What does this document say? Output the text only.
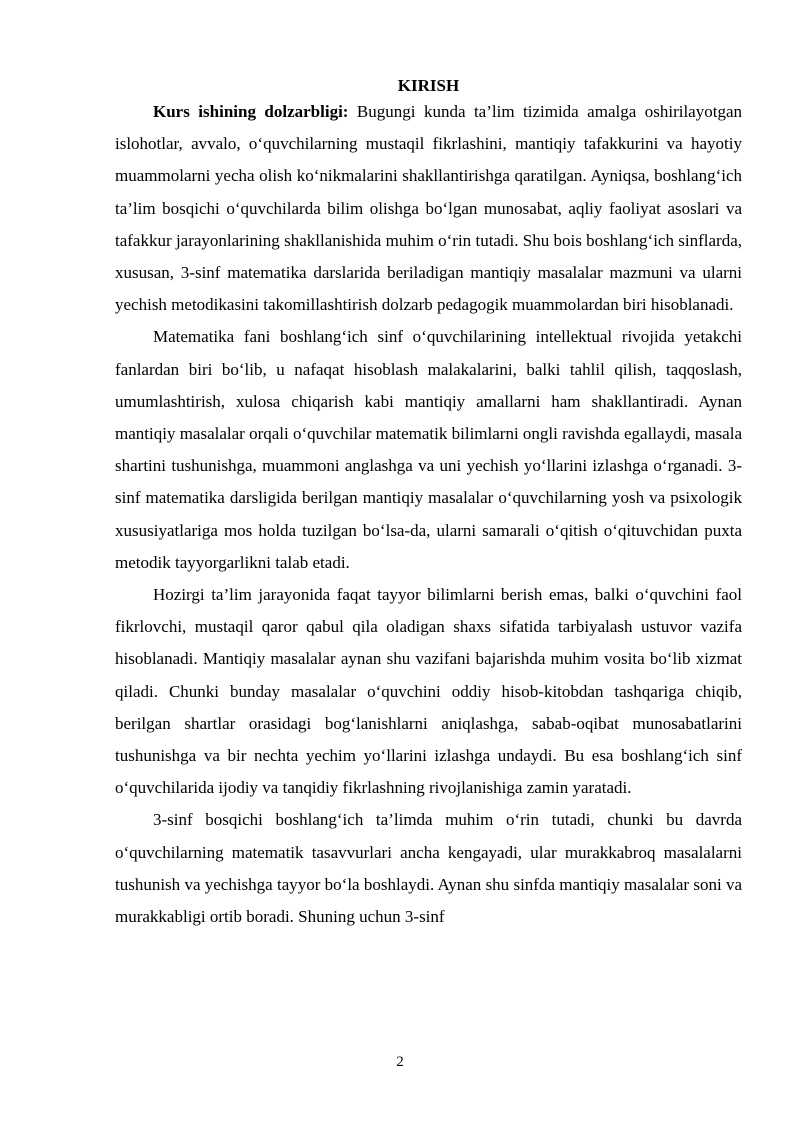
KIRISH

Kurs ishining dolzarbligi: Bugungi kunda ta’lim tizimida amalga oshirilayotgan islohotlar, avvalo, o‘quvchilarning mustaqil fikrlashini, mantiqiy tafakkurini va hayotiy muammolarni yecha olish ko‘nikmalarini shakllantirishga qaratilgan. Ayniqsa, boshlang‘ich ta’lim bosqichi o‘quvchilarda bilim olishga bo‘lgan munosabat, aqliy faoliyat asoslari va tafakkur jarayonlarining shakllanishida muhim o‘rin tutadi. Shu bois boshlang‘ich sinflarda, xususan, 3-sinf matematika darslarida beriladigan mantiqiy masalalar mazmuni va ularni yechish metodikasini takomillashtirish dolzarb pedagogik muammolardan biri hisoblanadi.

Matematika fani boshlang‘ich sinf o‘quvchilarining intellektual rivojida yetakchi fanlardan biri bo‘lib, u nafaqat hisoblash malakalarini, balki tahlil qilish, taqqoslash, umumlashtirish, xulosa chiqarish kabi mantiqiy amallarni ham shakllantiradi. Aynan mantiqiy masalalar orqali o‘quvchilar matematik bilimlarni ongli ravishda egallaydi, masala shartini tushunishga, muammoni anglashga va uni yechish yo‘llarini izlashga o‘rganadi. 3-sinf matematika darsligida berilgan mantiqiy masalalar o‘quvchilarning yosh va psixologik xususiyatlariga mos holda tuzilgan bo‘lsa-da, ularni samarali o‘qitish o‘qituvchidan puxta metodik tayyorgarlikni talab etadi.

Hozirgi ta’lim jarayonida faqat tayyor bilimlarni berish emas, balki o‘quvchini faol fikrlovchi, mustaqil qaror qabul qila oladigan shaxs sifatida tarbiyalash ustuvor vazifa hisoblanadi. Mantiqiy masalalar aynan shu vazifani bajarishda muhim vosita bo‘lib xizmat qiladi. Chunki bunday masalalar o‘quvchini oddiy hisob-kitobdan tashqariga chiqib, berilgan shartlar orasidagi bog‘lanishlarni aniqlashga, sabab-oqibat munosabatlarini tushunishga va bir nechta yechim yo‘llarini izlashga undaydi. Bu esa boshlang‘ich sinf o‘quvchilarida ijodiy va tanqidiy fikrlashning rivojlanishiga zamin yaratadi.

3-sinf bosqichi boshlang‘ich ta’limda muhim o‘rin tutadi, chunki bu davrda o‘quvchilarning matematik tasavvurlari ancha kengayadi, ular murakkabroq masalalarni tushunish va yechishga tayyor bo‘la boshlaydi. Aynan shu sinfda mantiqiy masalalar soni va murakkabligi ortib boradi. Shuning uchun 3-sinf

2
